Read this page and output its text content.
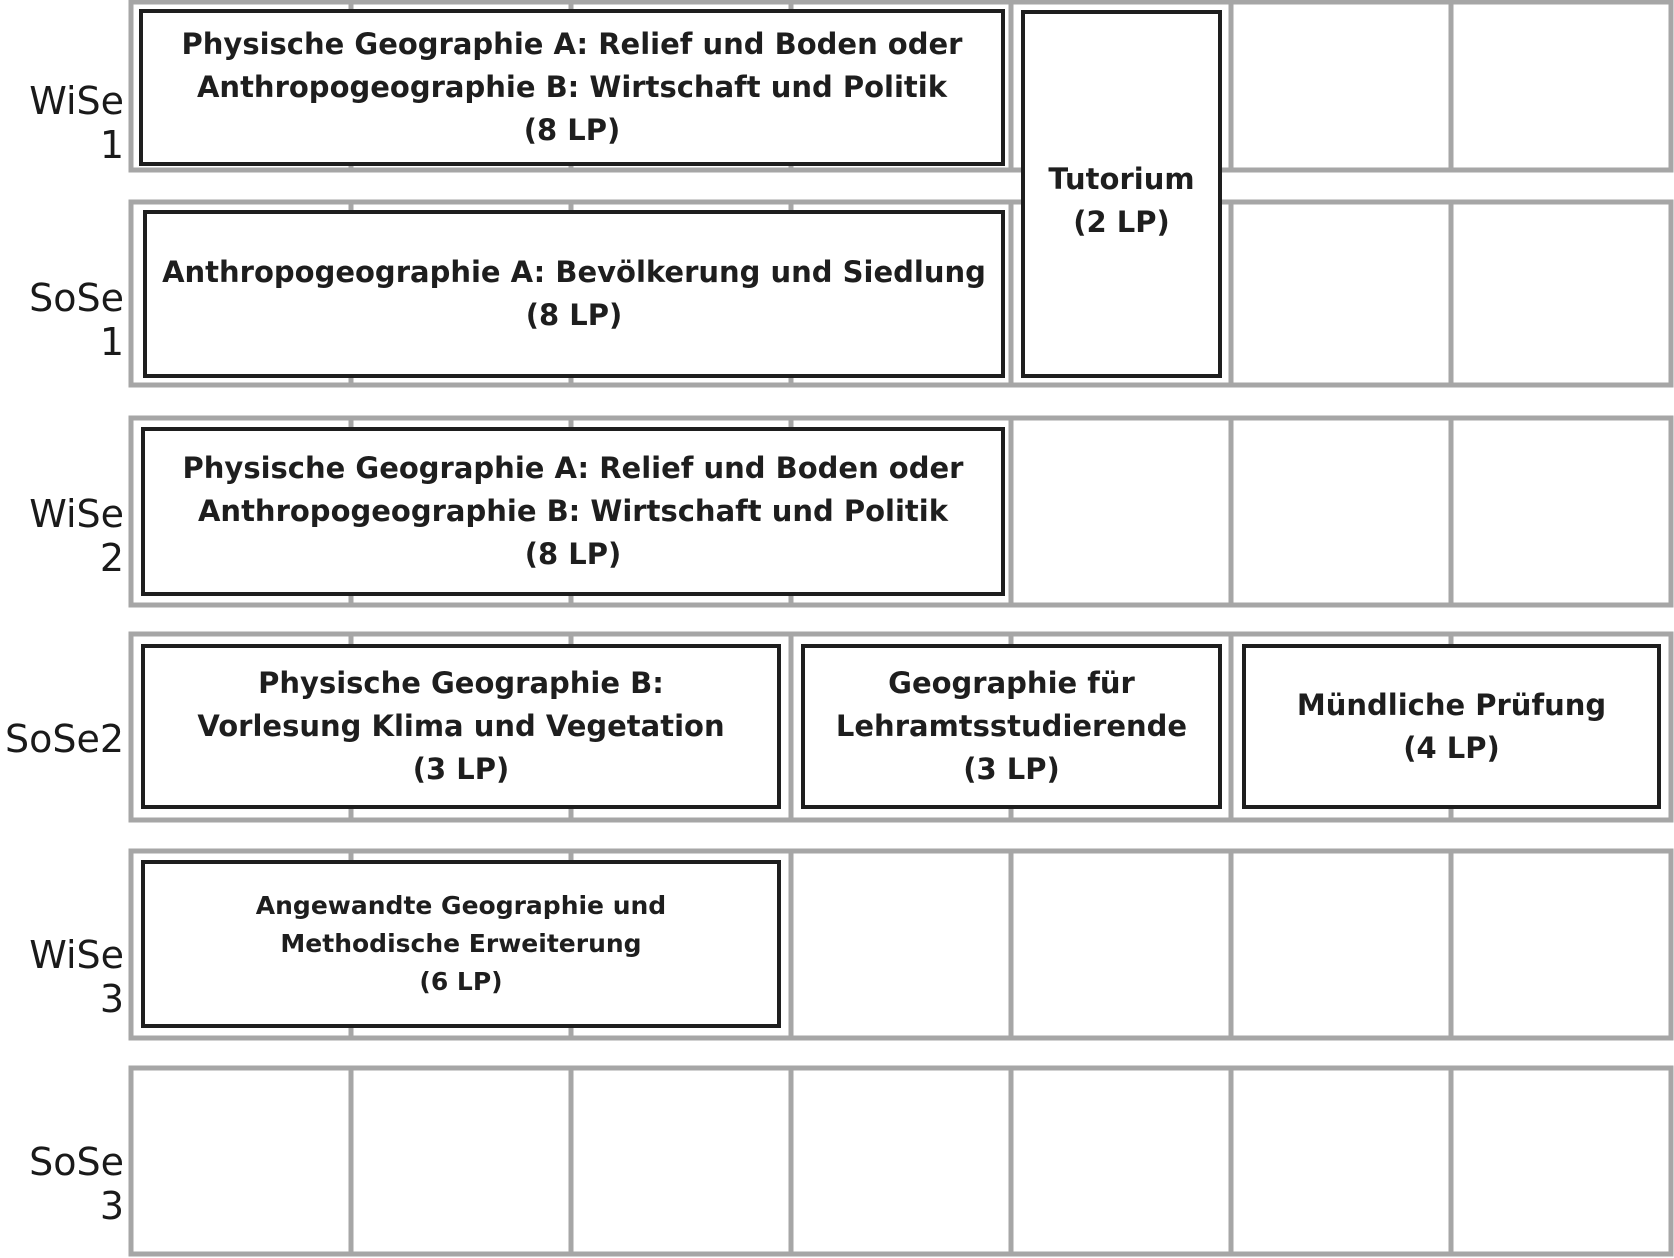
WiSe 1
SoSe 1
WiSe 2
SoSe2
WiSe 3
SoSe 3
Physische Geographie A: Relief und Boden oder
Anthropogeographie B: Wirtschaft und Politik
(8 LP)
Anthropogeographie A: Bevölkerung und Siedlung
(8 LP)
Tutorium
(2 LP)
Physische Geographie A: Relief und Boden oder
Anthropogeographie B: Wirtschaft und Politik
(8 LP)
Physische Geographie B:
Vorlesung Klima und Vegetation
(3 LP)
Geographie für
Lehramtsstudierende
(3 LP)
Mündliche Prüfung
(4 LP)
Angewandte Geographie und
Methodische Erweiterung
(6 LP)
